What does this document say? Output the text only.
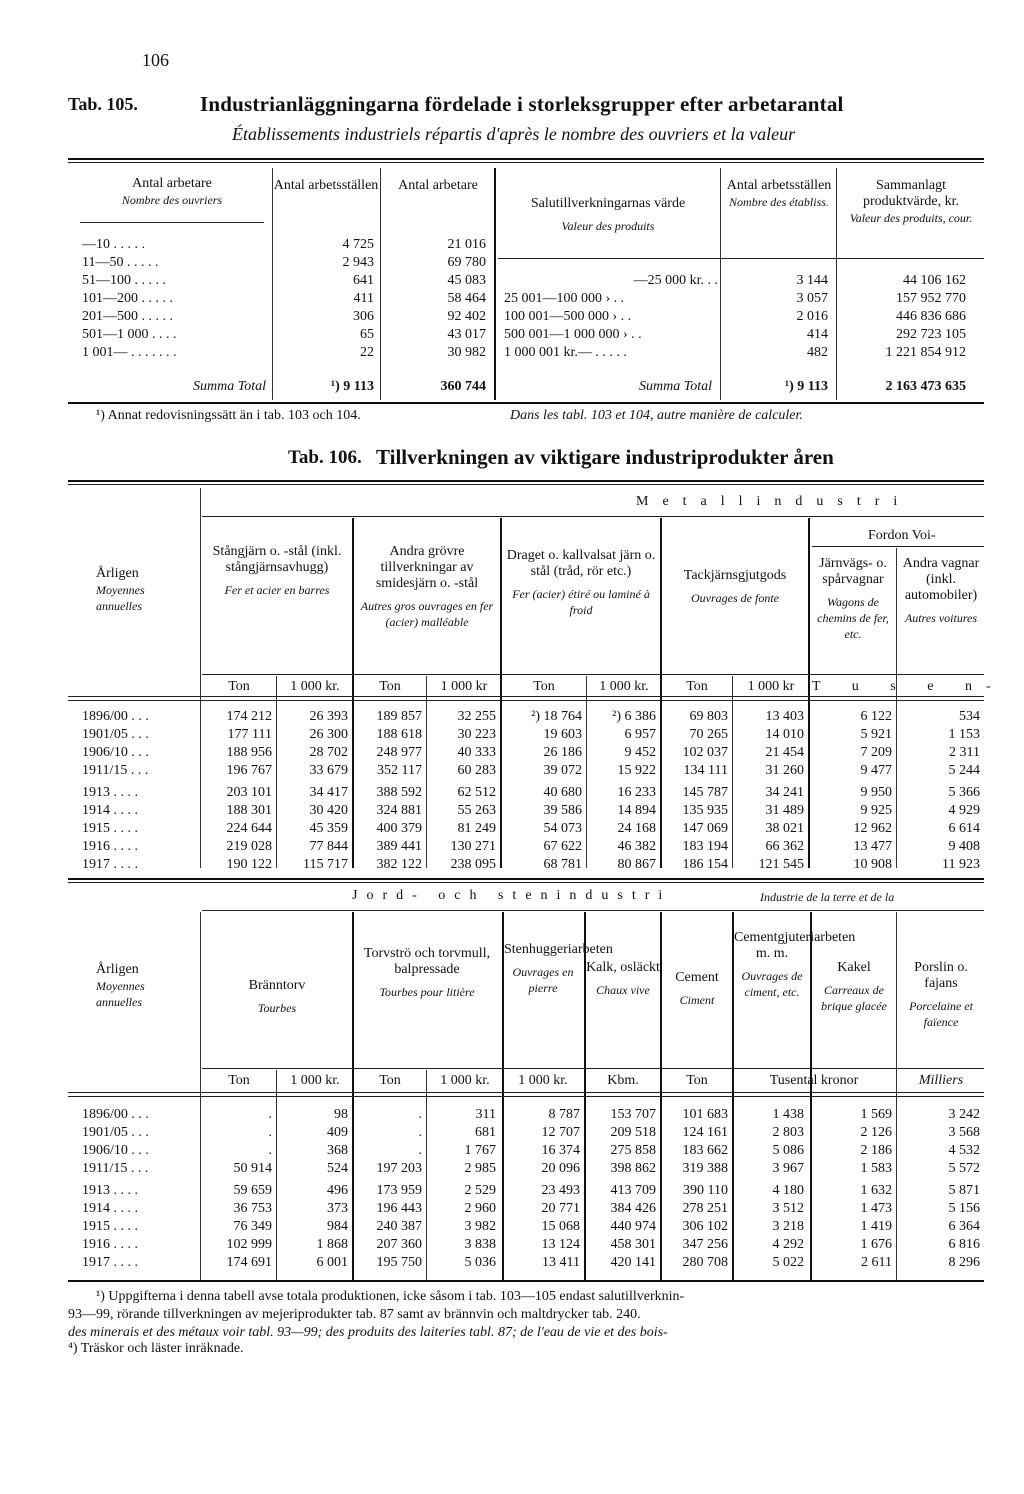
106
Tab. 105.	Industrianläggningarna fördelade i storleksgrupper efter arbetarantal
Établissements industriels répartis d'après le nombre des ouvriers et la valeur
Antal arbetare
Nombre des ouvriers
Antal arbetsställen	Antal arbetare
Salutillverkningarnas värde
Valeur des produits
Antal arbetsställen
Nombre des établiss.
Sammanlagt produktvärde, kr.
Valeur des produits, cour.
—10 . . . . .	4 725	21 016
11—50 . . . . .	2 943	69 780
51—100 . . . . .	641	45 083
101—200 . . . . .	411	58 464
201—500 . . . . .	306	92 402
501—1 000 . . . .	65	43 017
1 001— . . . . . . .	22	30 982
—25 000 kr. . .	3 144	44 106 162
25 001—100 000 › . .	3 057	157 952 770
100 001—500 000 › . .	2 016	446 836 686
500 001—1 000 000 › . .	414	292 723 105
1 000 001 kr.— . . . . .	482	1 221 854 912
Summa Total	¹) 9 113	360 744	Summa Total	¹) 9 113	2 163 473 635
¹) Annat redovisningssätt än i tab. 103 och 104.	Dans les tabl. 103 et 104, autre manière de calculer.
Tab. 106. Tillverkningen av viktigare industriprodukter åren
Metallindustri
Fordon Voi-
Årligen
Moyennes
annuelles
Stångjärn o. -stål (inkl. stångjärnsavhugg)
Fer et acier en barres
Andra grövre tillverkningar av smidesjärn o. -stål
Autres gros ouvrages en fer (acier) malléable
Draget o. kallvalsat järn o. stål (tråd, rör etc.)
Fer (acier) étiré ou laminé à froid
Tackjärnsgjutgods
Ouvrages de fonte
Järnvägs- o. spårvagnar
Wagons de chemins de fer, etc.
Andra vagnar (inkl. automobiler)
Autres voitures
Ton	1 000 kr.	Ton	1 000 kr	Ton	1 000 kr.	Ton	1 000 kr	T u s e n-
1896/00 . . .	174 212	26 393	189 857	32 255	²) 18 764	²) 6 386	69 803	13 403	6 122	534
1901/05 . . .	177 111	26 300	188 618	30 223	19 603	6 957	70 265	14 010	5 921	1 153
1906/10 . . .	188 956	28 702	248 977	40 333	26 186	9 452	102 037	21 454	7 209	2 311
1911/15 . . .	196 767	33 679	352 117	60 283	39 072	15 922	134 111	31 260	9 477	5 244
1913 . . . .	203 101	34 417	388 592	62 512	40 680	16 233	145 787	34 241	9 950	5 366
1914 . . . .	188 301	30 420	324 881	55 263	39 586	14 894	135 935	31 489	9 925	4 929
1915 . . . .	224 644	45 359	400 379	81 249	54 073	24 168	147 069	38 021	12 962	6 614
1916 . . . .	219 028	77 844	389 441	130 271	67 622	46 382	183 194	66 362	13 477	9 408
1917 . . . .	190 122	115 717	382 122	238 095	68 781	80 867	186 154	121 545	10 908	11 923
Jord- och stenindustri	Industrie de la terre et de la
Årligen
Moyennes
annuelles
Bränntorv
Tourbes
Torvströ och torvmull, balpressade
Tourbes pour litière
Stenhuggeriarbeten
Ouvrages en pierre
Kalk, osläckt
Chaux vive
Cement
Ciment
Cementgjuteriarbeten m. m.
Ouvrages de ciment, etc.
Kakel
Carreaux de brique glacée
Porslin o. fajans
Porcelaine et faïence
Ton	1 000 kr.	Ton	1 000 kr.	1 000 kr.	Kbm.	Ton	Tusental kronor	Milliers
1896/00 . . .	.	98	.	311	8 787	153 707	101 683	1 438	1 569	3 242
1901/05 . . .	.	409	.	681	12 707	209 518	124 161	2 803	2 126	3 568
1906/10 . . .	.	368	.	1 767	16 374	275 858	183 662	5 086	2 186	4 532
1911/15 . . .	50 914	524	197 203	2 985	20 096	398 862	319 388	3 967	1 583	5 572
1913 . . . .	59 659	496	173 959	2 529	23 493	413 709	390 110	4 180	1 632	5 871
1914 . . . .	36 753	373	196 443	2 960	20 771	384 426	278 251	3 512	1 473	5 156
1915 . . . .	76 349	984	240 387	3 982	15 068	440 974	306 102	3 218	1 419	6 364
1916 . . . .	102 999	1 868	207 360	3 838	13 124	458 301	347 256	4 292	1 676	6 816
1917 . . . .	174 691	6 001	195 750	5 036	13 411	420 141	280 708	5 022	2 611	8 296
¹) Uppgifterna i denna tabell avse totala produktionen, icke såsom i tab. 103—105 endast salutillverknin-
93—99, rörande tillverkningen av mejeriprodukter tab. 87 samt av brännvin och maltdrycker tab. 240.
des minerais et des métaux voir tabl. 93—99; des produits des laiteries tabl. 87; de l'eau de vie et des bois-
⁴) Träskor och läster inräknade.
